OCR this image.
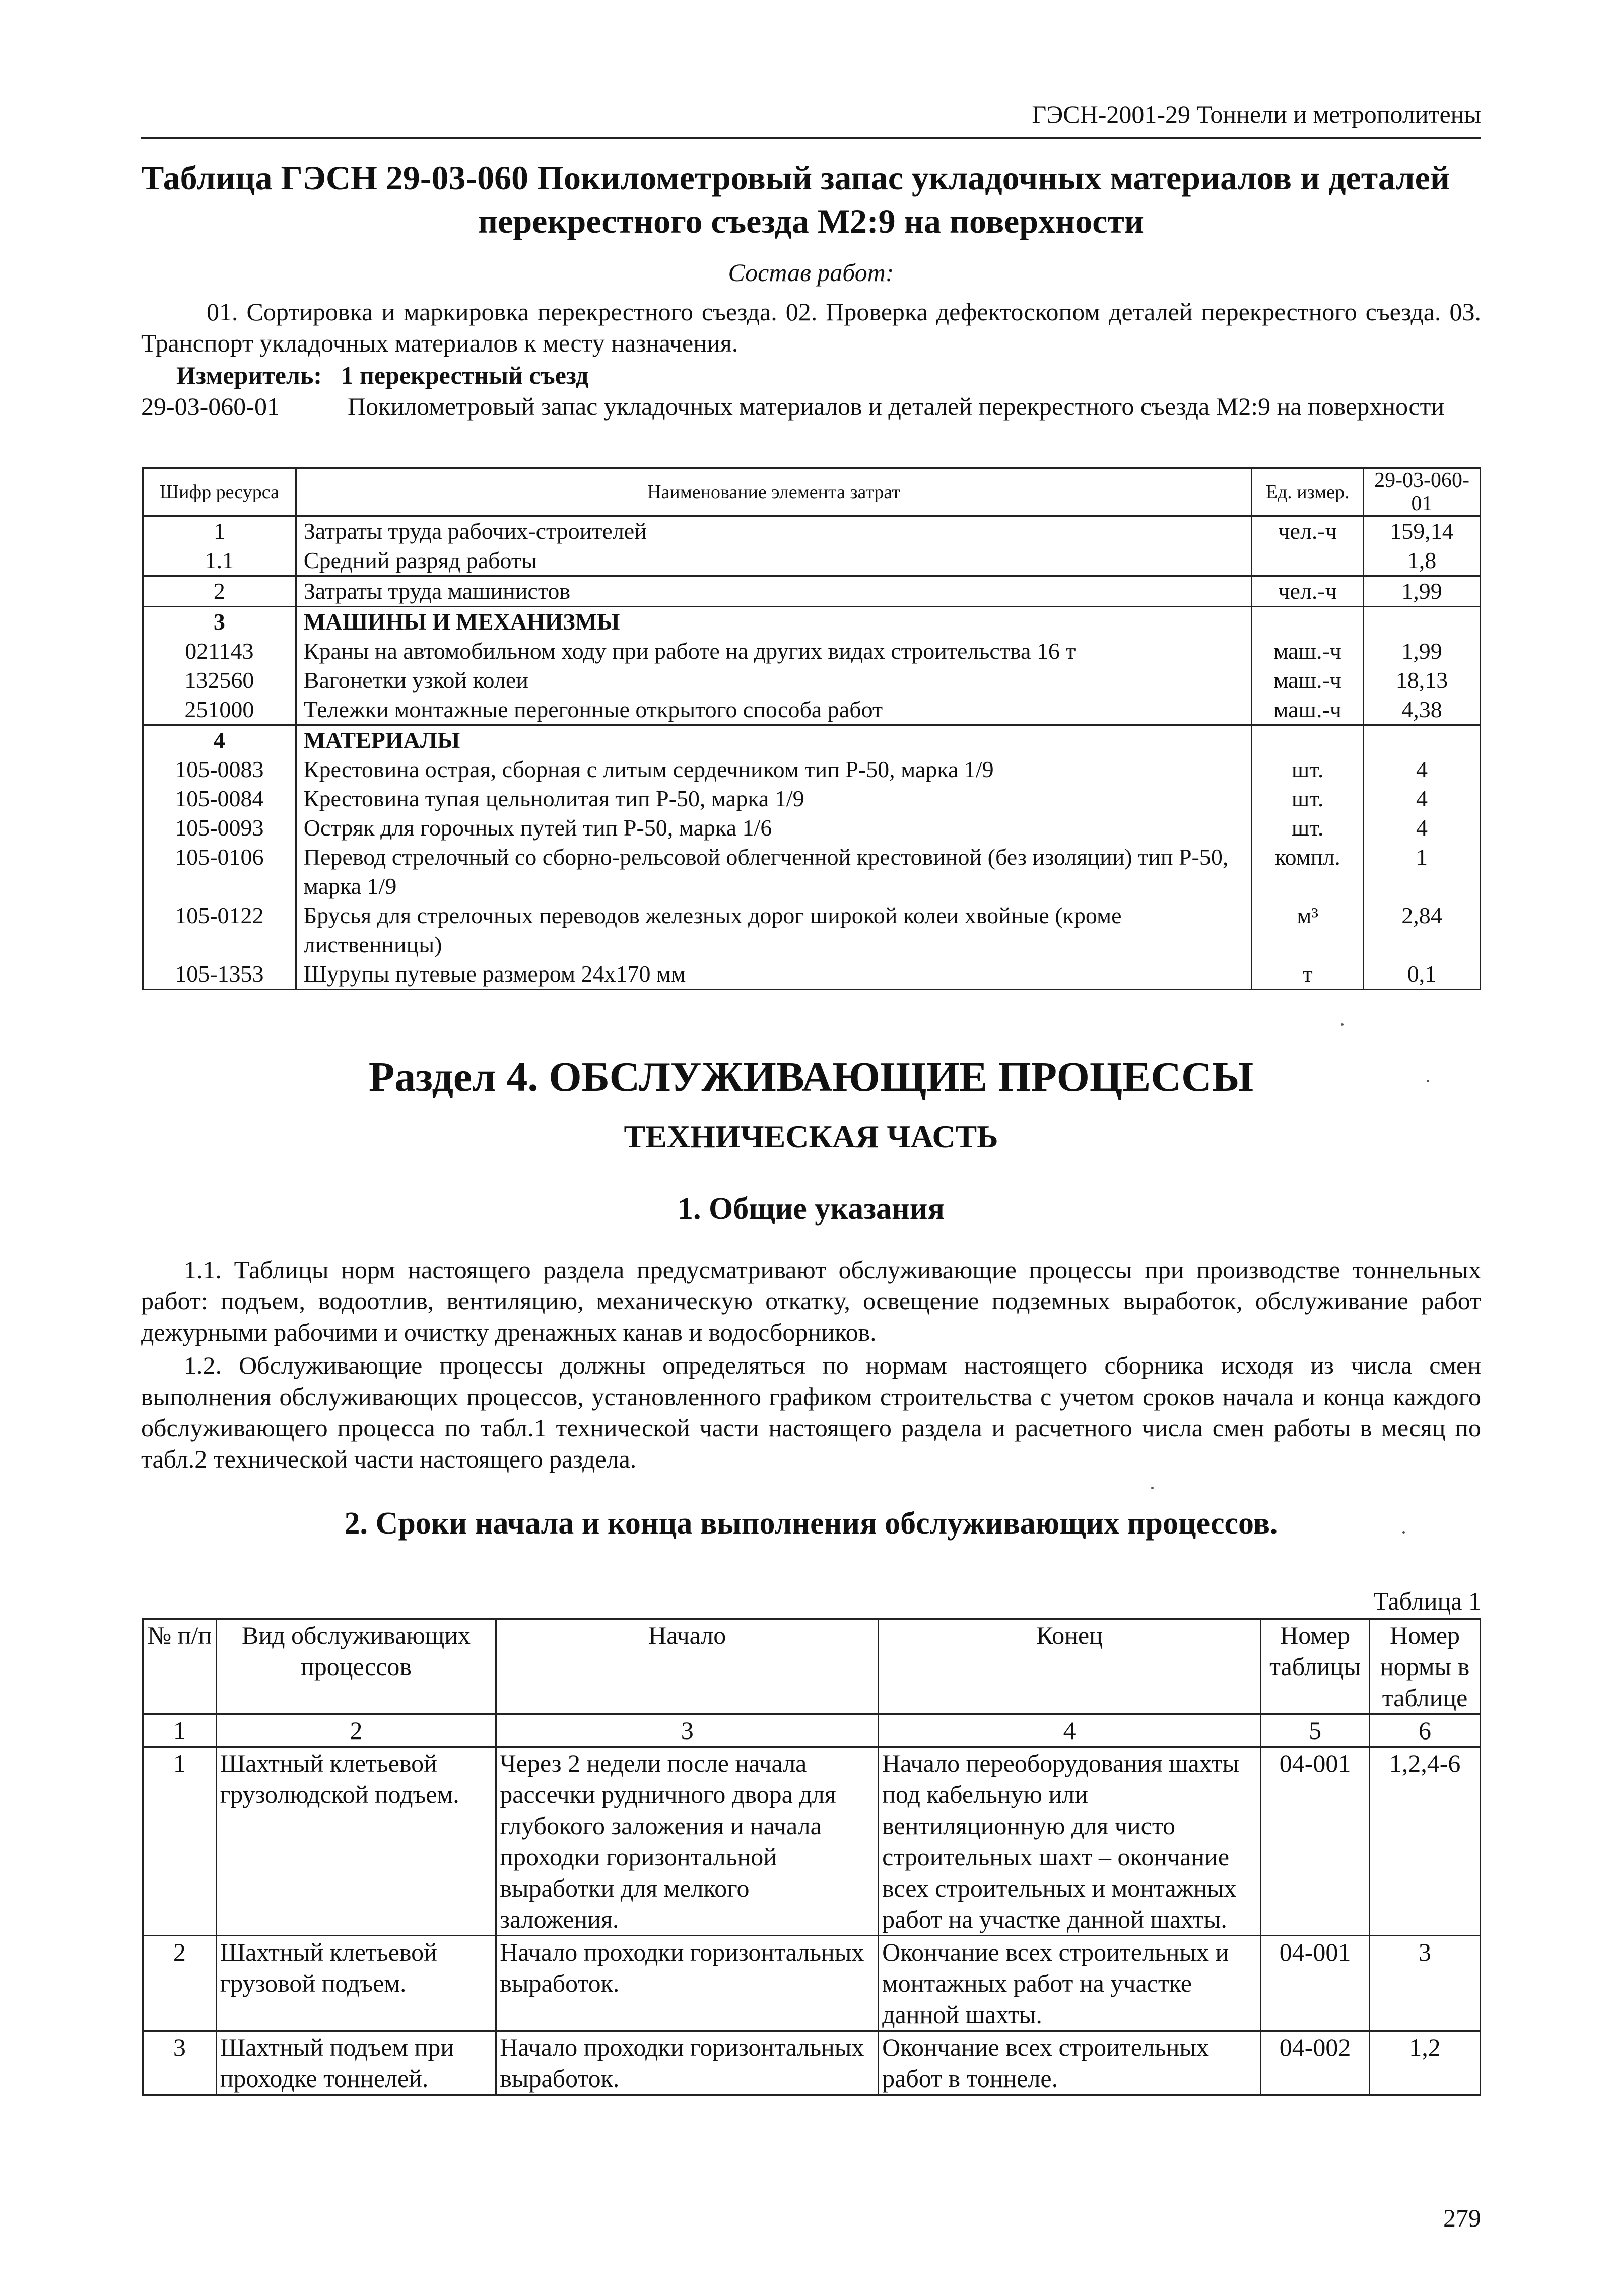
ГЭСН-2001-29 Тоннели и метрополитены
Таблица ГЭСН 29-03-060 Покилометровый запас укладочных материалов и деталей
перекрестного съезда М2:9 на поверхности
Состав работ:
01. Сортировка и маркировка перекрестного съезда. 02. Проверка дефектоскопом деталей перекрестного съезда. 03. Транспорт укладочных материалов к месту назначения.
Измеритель:   1 перекрестный съезд
29-03-060-01	Покилометровый запас укладочных материалов и деталей перекрестного съезда М2:9 на поверхности
Шифр ресурса	Наименование элемента затрат	Ед. измер.	29-03-060-01
1	Затраты труда рабочих-строителей	чел.-ч	159,14
1.1	Средний разряд работы		1,8
2	Затраты труда машинистов	чел.-ч	1,99
3	МАШИНЫ И МЕХАНИЗМЫ		
021143	Краны на автомобильном ходу при работе на других видах строительства 16 т	маш.-ч	1,99
132560	Вагонетки узкой колеи	маш.-ч	18,13
251000	Тележки монтажные перегонные открытого способа работ	маш.-ч	4,38
4	МАТЕРИАЛЫ		
105-0083	Крестовина острая, сборная с литым сердечником тип Р-50, марка 1/9	шт.	4
105-0084	Крестовина тупая цельнолитая тип Р-50, марка 1/9	шт.	4
105-0093	Остряк для горочных путей тип Р-50, марка 1/6	шт.	4
105-0106	Перевод стрелочный со сборно-рельсовой облегченной крестовиной (без изоляции) тип Р-50, марка 1/9	компл.	1
105-0122	Брусья для стрелочных переводов железных дорог широкой колеи хвойные (кроме лиственницы)	м³	2,84
105-1353	Шурупы путевые размером 24х170 мм	т	0,1
Раздел 4. ОБСЛУЖИВАЮЩИЕ ПРОЦЕССЫ
ТЕХНИЧЕСКАЯ ЧАСТЬ
1. Общие указания
1.1. Таблицы норм настоящего раздела предусматривают обслуживающие процессы при производстве тоннельных работ: подъем, водоотлив, вентиляцию, механическую откатку, освещение подземных выработок, обслуживание работ дежурными рабочими и очистку дренажных канав и водосборников.
1.2. Обслуживающие процессы должны определяться по нормам настоящего сборника исходя из числа смен выполнения обслуживающих процессов, установленного графиком строительства с учетом сроков начала и конца каждого обслуживающего процесса по табл.1 технической части настоящего раздела и расчетного числа смен работы в месяц по табл.2 технической части настоящего раздела.
2. Сроки начала и конца выполнения обслуживающих процессов.
Таблица 1
№ п/п	Вид обслуживающих процессов	Начало	Конец	Номер таблицы	Номер нормы в таблице
1	2	3	4	5	6
1	Шахтный клетьевой грузолюдской подъем.	Через 2 недели после начала рассечки рудничного двора для глубокого заложения и начала проходки горизонтальной выработки для мелкого заложения.	Начало переоборудования шахты под кабельную или вентиляционную для чисто строительных шахт – окончание всех строительных и монтажных работ на участке данной шахты.	04-001	1,2,4-6
2	Шахтный клетьевой грузовой подъем.	Начало проходки горизонтальных выработок.	Окончание всех строительных и монтажных работ на участке данной шахты.	04-001	3
3	Шахтный подъем при проходке тоннелей.	Начало проходки горизонтальных выработок.	Окончание всех строительных работ в тоннеле.	04-002	1,2
279
